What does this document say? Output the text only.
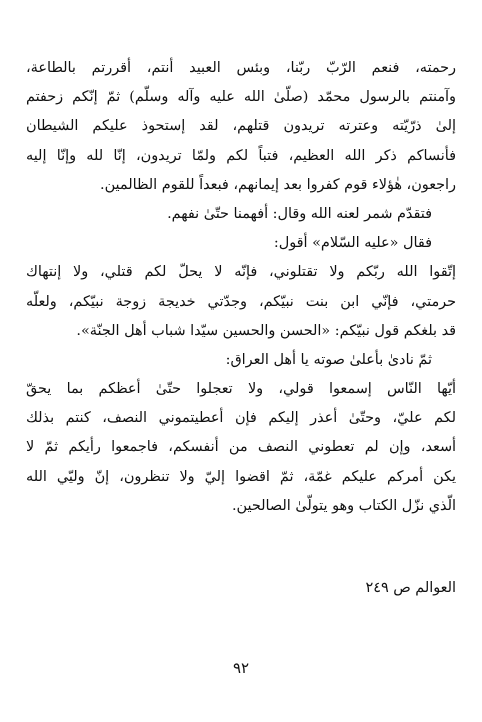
رحمته، فنعم الرّبّ ربّنا، وبئس العبيد أنتم، أقررتم بالطاعة،
وآمنتم بالرسول محمّد (صلّىٰ الله عليه وآله وسلّم) ثمّ إنّكم زحفتم
إلىٰ ذرّيّته وعترته تريدون قتلهم، لقد إستحوذ عليكم الشيطان
فأنساكم ذكر الله العظيم، فتباً لكم ولمّا تريدون، إنّا لله وإنّا إليه
راجعون، هٰؤلاء قوم كفروا بعد إيمانهم، فبعداً للقوم الظالمين.
فتقدّم شمر لعنه الله وقال: أفهمنا حتّىٰ نفهم.
فقال «عليه السّلام» أقول:
إتّقوا الله ربّكم ولا تقتلوني، فإنّه لا يحلّ لكم قتلي، ولا إنتهاك
حرمتي، فإنّي ابن بنت نبيّكم، وجدّتي خديجة زوجة نبيّكم، ولعلّه
قد بلغكم قول نبيّكم: «الحسن والحسين سيّدا شباب أهل الجنّة».
ثمّ نادىٰ بأعلىٰ صوته يا أهل العراق:
أيّها النّاس إسمعوا قولي، ولا تعجلوا حتّىٰ أعظكم بما يحقّ
لكم عليّ، وحتّىٰ أعذر إليكم فإن أعطيتموني النصف، كنتم بذلك
أسعد، وإن لم تعطوني النصف من أنفسكم، فاجمعوا رأيكم ثمّ لا
يكن أمركم عليكم غمّة، ثمّ اقضوا إليّ ولا تنظرون، إنّ وليّي الله
الّذي نزّل الكتاب وهو يتولّىٰ الصالحين.
العوالم ص ٢٤٩
٩٢
